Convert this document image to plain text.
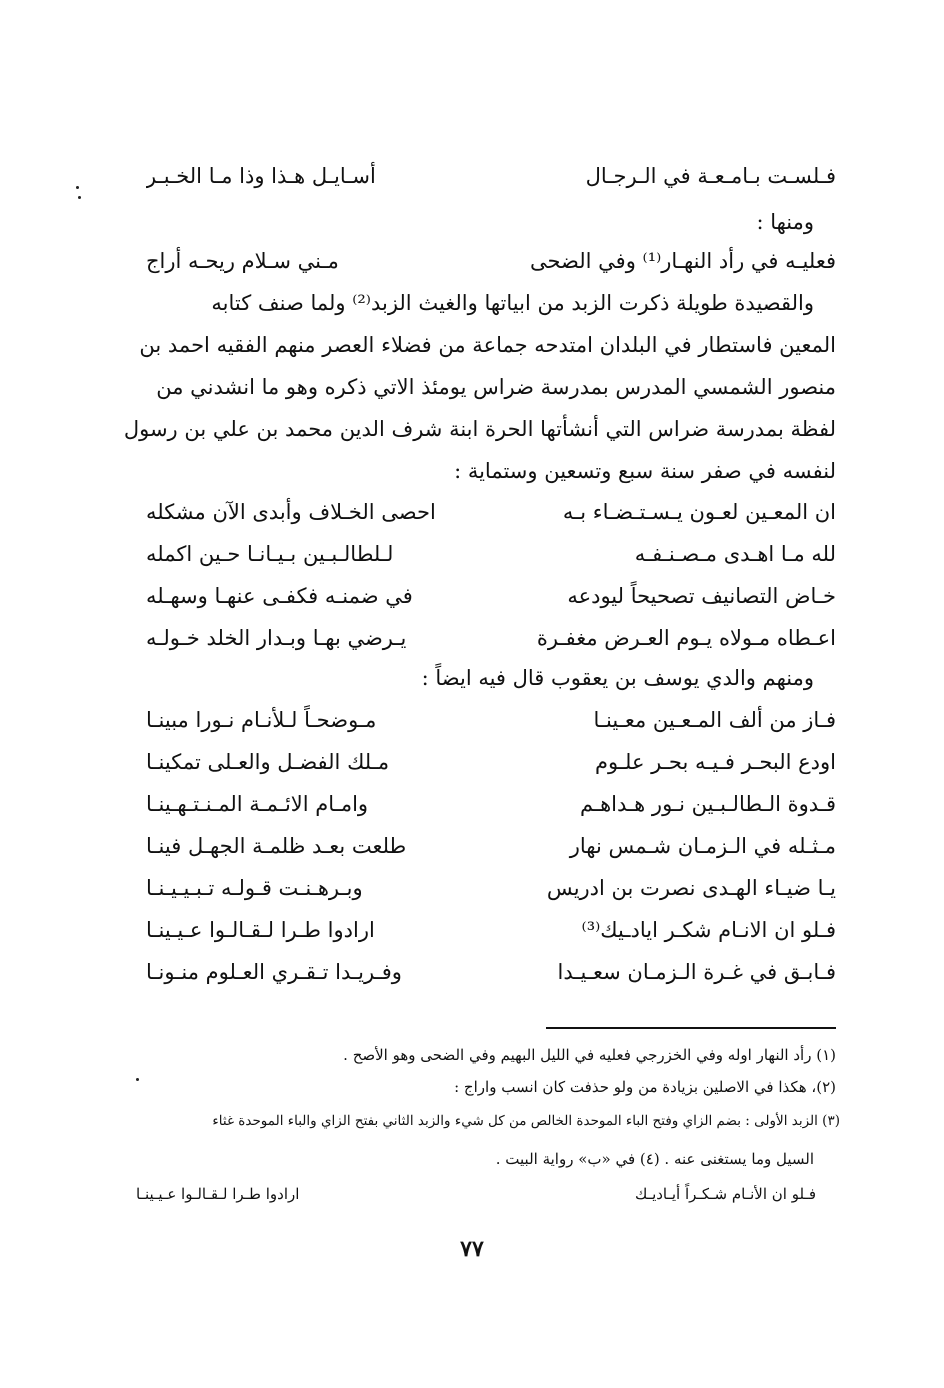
فـلسـت بـامـعـة في الـرجـال
أسـايـل هـذا وذا مـا الخـبـر
ومنها :
فعليـه في رأد النهـار⁽¹⁾ وفي الضحى
مـني سـلام ريحـه أراج
والقصيدة طويلة ذكرت الزبد من ابياتها والغيث الزبد⁽²⁾ ولما صنف كتابه
المعين فاستطار في البلدان امتدحه جماعة من فضلاء العصر منهم الفقيه احمد بن
منصور الشمسي المدرس بمدرسة ضراس يومئذ الاتي ذكره وهو ما انشدني من
لفظة بمدرسة ضراس التي أنشأتها الحرة ابنة شرف الدين محمد بن علي بن رسول
لنفسه في صفر سنة سبع وتسعين وستماية :
ان المعـين لعـون يـسـتـضـاء بـه
احصى الخـلاف وأبدى الآن مشكله
لله مـا اهـدى مـصـنـفـه
لـلطالـبـين بـيـانـا حـين اكمله
خـاض التصانيف تصحيحاً ليودعه
في ضمنـه فكفـى عنهـا وسهـله
اعـطاه مـولاه يـوم العـرض مغفـرة
يـرضي بهـا وبـدار الخلد خـولـه
ومنهم والدي يوسف بن يعقوب قال فيه ايضاً :
فـاز من ألف المـعـين معـينـا
مـوضحـاً لـلأنـام نـورا مبينـا
اودع البحـر فـيـه بحـر علـوم
مـلك الفضـل والعـلى تمكينـا
قـدوة الـطالـبـين نـور هـداهـم
وامـام الائـمـة المـنـتـهـينـا
مـثـله في الـزمـان شـمس نهار
طلعت بعـد ظلمـة الجهـل فينـا
يـا ضيـاء الهـدى نصرت بن ادريس
وبـرهـنـت قـولـه تـبـيـيـنـا
فـلو ان الانـام شكـر ايادـيك⁽³⁾
ارادوا طـرا لـقـالـوا عـيـينـا
فـابـق في غـرة الـزمـان سعـيـدا
وفـريـدا تـقـري العـلوم منـونـا
(١) رأد النهار اوله وفي الخزرجي فعليه في الليل البهيم وفي الضحى وهو الأصح .
(٢)، هكذا في الاصلين بزيادة من ولو حذفت كان انسب واراج :
(٣) الزبد الأولى : بضم الزاي وفتح الباء الموحدة الخالص من كل شيء والزبد الثاني بفتح الزاي والباء الموحدة غثاء
السيل وما يستغنى عنه . (٤) في «ب» رواية البيت .
فـلو ان الأنـام شـكـراً أيـاديـك
ارادوا طـرا لـقـالـوا عـيـينـا
٧٧
